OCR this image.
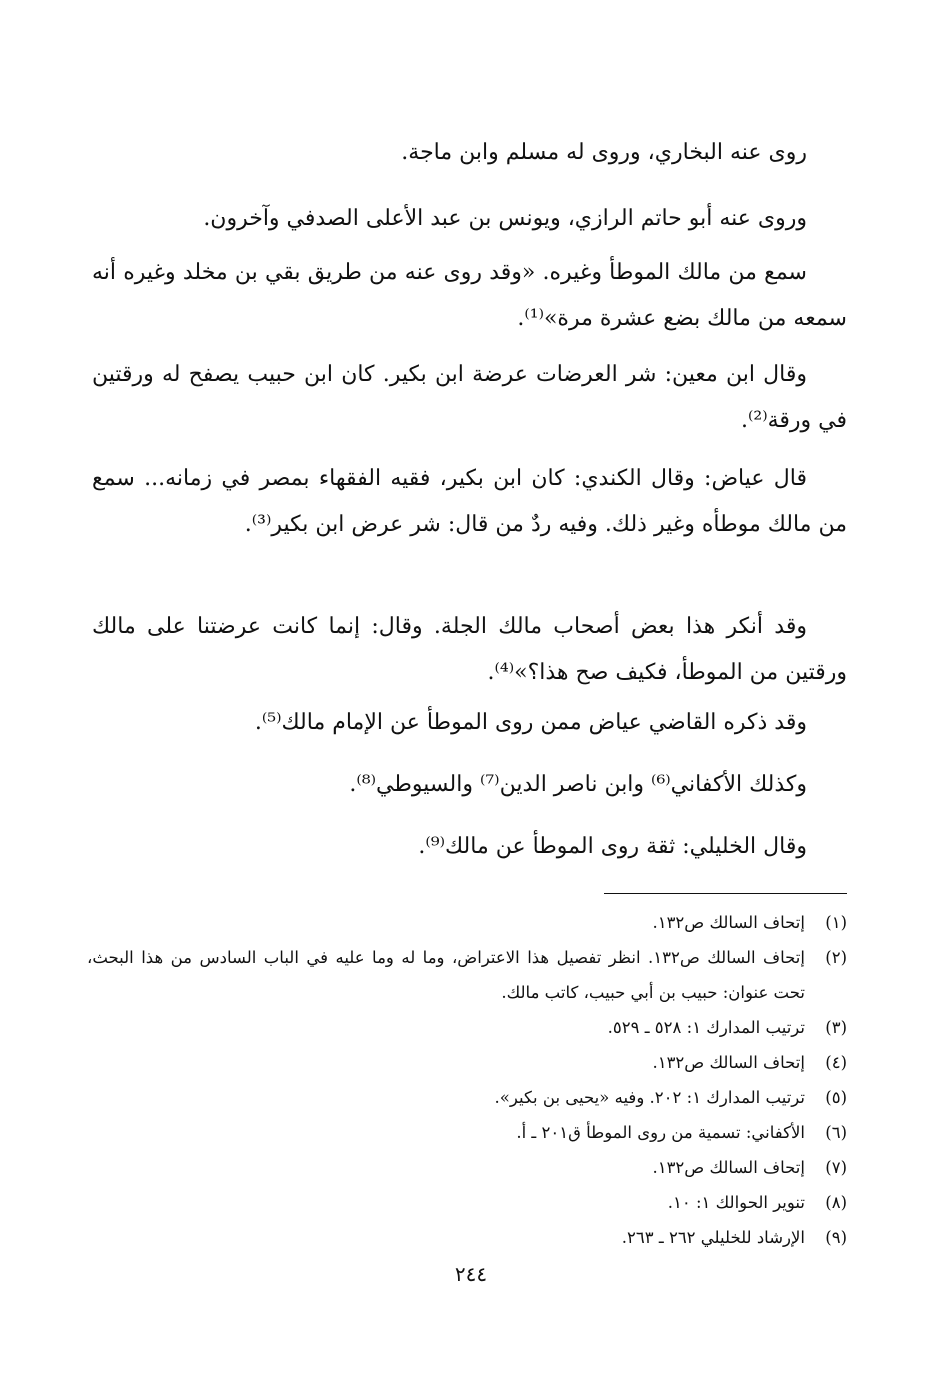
روى عنه البخاري، وروى له مسلم وابن ماجة.

وروى عنه أبو حاتم الرازي، ويونس بن عبد الأعلى الصدفي وآخرون.

سمع من مالك الموطأ وغيره. «وقد روى عنه من طريق بقي بن مخلد وغيره أنه سمعه من مالك بضع عشرة مرة»⁽¹⁾.

وقال ابن معين: شر العرضات عرضة ابن بكير. كان ابن حبيب يصفح له ورقتين في ورقة⁽²⁾.

قال عياض: وقال الكندي: كان ابن بكير، فقيه الفقهاء بمصر في زمانه... سمع من مالك موطأه وغير ذلك. وفيه ردٌ من قال: شر عرض ابن بكير⁽³⁾.

وقد أنكر هذا بعض أصحاب مالك الجلة. وقال: إنما كانت عرضتنا على مالك ورقتين من الموطأ، فكيف صح هذا؟»⁽⁴⁾.

وقد ذكره القاضي عياض ممن روى الموطأ عن الإمام مالك⁽⁵⁾.

وكذلك الأكفاني⁽⁶⁾ وابن ناصر الدين⁽⁷⁾ والسيوطي⁽⁸⁾.

وقال الخليلي: ثقة روى الموطأ عن مالك⁽⁹⁾.

(١)
إتحاف السالك ص١٣٢.
(٢)
إتحاف السالك ص١٣٢. انظر تفصيل هذا الاعتراض، وما له وما عليه في الباب السادس من هذا البحث، تحت عنوان: حبيب بن أبي حبيب، كاتب مالك.
(٣)
ترتيب المدارك ١: ٥٢٨ ـ ٥٢٩.
(٤)
إتحاف السالك ص١٣٢.
(٥)
ترتيب المدارك ١: ٢٠٢. وفيه «يحيى بن بكير».
(٦)
الأكفاني: تسمية من روى الموطأ ق٢٠١ ـ أ.
(٧)
إتحاف السالك ص١٣٢.
(٨)
تنوير الحوالك ١: ١٠.
(٩)
الإرشاد للخليلي ٢٦٢ ـ ٢٦٣.
٢٤٤
